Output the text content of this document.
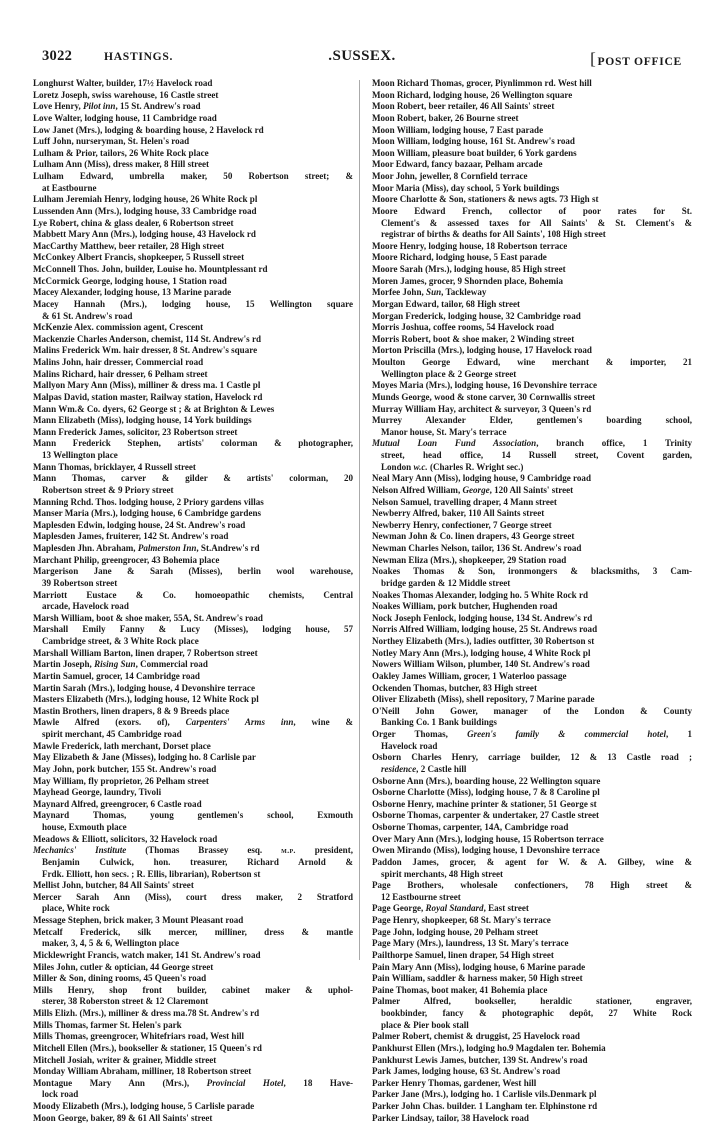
3022	HASTINGS.	.SUSSEX.	[POST OFFICE

Longhurst Walter, builder, 17½ Havelock road

Loretz Joseph, swiss warehouse, 16 Castle street

Love Henry, Pilot inn, 15 St. Andrew's road

Love Walter, lodging house, 11 Cambridge road

Low Janet (Mrs.), lodging & boarding house, 2 Havelock rd

Luff John, nurseryman, St. Helen's road

Lulham & Prior, tailors, 26 White Rock place

Lulham Ann (Miss), dress maker, 8 Hill street

Lulham Edward, umbrella maker, 50 Robertson street; &
at Eastbourne

Lulham Jeremiah Henry, lodging house, 26 White Rock pl

Lussenden Ann (Mrs.), lodging house, 33 Cambridge road

Lye Robert, china & glass dealer, 6 Robertson street

Mabbett Mary Ann (Mrs.), lodging house, 43 Havelock rd

MacCarthy Matthew, beer retailer, 28 High street

McConkey Albert Francis, shopkeeper, 5 Russell street

McConnell Thos. John, builder, Louise ho. Mountplessant rd

McCormick George, lodging house, 1 Station road

Macey Alexander, lodging house, 13 Marine parade

Macey Hannah (Mrs.), lodging house, 15 Wellington square
& 61 St. Andrew's road

McKenzie Alex. commission agent, Crescent

Mackenzie Charles Anderson, chemist, 114 St. Andrew's rd

Malins Frederick Wm. hair dresser, 8 St. Andrew's square

Malins John, hair dresser, Commercial road

Malins Richard, hair dresser, 6 Pelham street

Mallyon Mary Ann (Miss), milliner & dress ma. 1 Castle pl

Malpas David, station master, Railway station, Havelock rd

Mann Wm.& Co. dyers, 62 George st ; & at Brighton & Lewes

Mann Elizabeth (Miss), lodging house, 14 York buildings

Mann Frederick James, solicitor, 23 Robertson street

Mann Frederick Stephen, artists' colorman & photographer,
13 Wellington place

Mann Thomas, bricklayer, 4 Russell street

Mann Thomas, carver & gilder & artists' colorman, 20
Robertson street & 9 Priory street

Manning Rchd. Thos. lodging house, 2 Priory gardens villas

Manser Maria (Mrs.), lodging house, 6 Cambridge gardens

Maplesden Edwin, lodging house, 24 St. Andrew's road

Maplesden James, fruiterer, 142 St. Andrew's road

Maplesden Jhn. Abraham, Palmerston Inn, St.Andrew's rd

Marchant Philip, greengrocer, 43 Bohemia place

Margerison Jane & Sarah (Misses), berlin wool warehouse,
39 Robertson street

Marriott Eustace & Co. homoeopathic chemists, Central
arcade, Havelock road

Marsh William, boot & shoe maker, 55A, St. Andrew's road

Marshall Emily Fanny & Lucy (Misses), lodging house, 57
Cambridge street, & 3 White Rock place

Marshall William Barton, linen draper, 7 Robertson street

Martin Joseph, Rising Sun, Commercial road

Martin Samuel, grocer, 14 Cambridge road

Martin Sarah (Mrs.), lodging house, 4 Devonshire terrace

Masters Elizabeth (Mrs.), lodging house, 12 White Rock pl

Mastin Brothers, linen drapers, 8 & 9 Breeds place

Mawle Alfred (exors. of), Carpenters' Arms inn, wine &
spirit merchant, 45 Cambridge road

Mawle Frederick, lath merchant, Dorset place

May Elizabeth & Jane (Misses), lodging ho. 8 Carlisle par

May John, pork butcher, 155 St. Andrew's road

May William, fly proprietor, 26 Pelham street

Mayhead George, laundry, Tivoli

Maynard Alfred, greengrocer, 6 Castle road

Maynard Thomas, young gentlemen's school, Exmouth
house, Exmouth place

Meadows & Elliott, solicitors, 32 Havelock road

Mechanics' Institute (Thomas Brassey esq. m.p. president,
Benjamin Culwick, hon. treasurer, Richard Arnold &
Frdk. Elliott, hon secs. ; R. Ellis, librarian), Robertson st

Mellist John, butcher, 84 All Saints' street

Mercer Sarah Ann (Miss), court dress maker, 2 Stratford
place, White rock

Message Stephen, brick maker, 3 Mount Pleasant road

Metcalf Frederick, silk mercer, milliner, dress & mantle
maker, 3, 4, 5 & 6, Wellington place

Micklewright Francis, watch maker, 141 St. Andrew's road

Miles John, cutler & optician, 44 George street

Miller & Son, dining rooms, 45 Queen's road

Mills Henry, shop front builder, cabinet maker & uphol-
sterer, 38 Roberston street & 12 Claremont

Mills Elizh. (Mrs.), milliner & dress ma.78 St. Andrew's rd

Mills Thomas, farmer St. Helen's park

Mills Thomas, greengrocer, Whitefriars road, West hill

Mitchell Ellen (Mrs.), bookseller & stationer, 15 Queen's rd

Mitchell Josiah, writer & grainer, Middle street

Monday William Abraham, milliner, 18 Robertson street

Montague Mary Ann (Mrs.), Provincial Hotel, 18 Have-
lock road

Moody Elizabeth (Mrs.), lodging house, 5 Carlisle parade

Moon George, baker, 89 & 61 All Saints' street

Moon Richard Thomas, grocer, Piynlimmon rd. West hill

Moon Richard, lodging house, 26 Wellington square

Moon Robert, beer retailer, 46 All Saints' street

Moon Robert, baker, 26 Bourne street

Moon William, lodging house, 7 East parade

Moon William, lodging house, 161 St. Andrew's road

Moon William, pleasure boat builder, 6 York gardens

Moor Edward, fancy bazaar, Pelham arcade

Moor John, jeweller, 8 Cornfield terrace

Moor Maria (Miss), day school, 5 York buildings

Moore Charlotte & Son, stationers & news agts. 73 High st

Moore Edward French, collector of poor rates for St.
Clement's & assessed taxes for All Saints' & St. Clement's &
registrar of births & deaths for All Saints', 108 High street

Moore Henry, lodging house, 18 Robertson terrace

Moore Richard, lodging house, 5 East parade

Moore Sarah (Mrs.), lodging house, 85 High street

Moren James, grocer, 9 Shornden place, Bohemia

Morfee John, Sun, Tackleway

Morgan Edward, tailor, 68 High street

Morgan Frederick, lodging house, 32 Cambridge road

Morris Joshua, coffee rooms, 54 Havelock road

Morris Robert, boot & shoe maker, 2 Winding street

Morton Priscilla (Mrs.), lodging house, 17 Havelock road

Moulton George Edward, wine merchant & importer, 21
Wellington place & 2 George street

Moyes Maria (Mrs.), lodging house, 16 Devonshire terrace

Munds George, wood & stone carver, 30 Cornwallis street

Murray William Hay, architect & surveyor, 3 Queen's rd

Murrey Alexander Elder, gentlemen's boarding school,
Manor house, St. Mary's terrace

Mutual Loan Fund Association, branch office, 1 Trinity
street, head office, 14 Russell street, Covent garden,
London w.c. (Charles R. Wright sec.)

Neal Mary Ann (Miss), lodging house, 9 Cambridge road

Nelson Alfred William, George, 120 All Saints' street

Nelson Samuel, travelling draper, 4 Mann street

Newberry Alfred, baker, 110 All Saints street

Newberry Henry, confectioner, 7 George street

Newman John & Co. linen drapers, 43 George street

Newman Charles Nelson, tailor, 136 St. Andrew's road

Newman Eliza (Mrs.), shopkeeper, 29 Station road

Noakes Thomas & Son, ironmongers & blacksmiths, 3 Cam-
bridge garden & 12 Middle street

Noakes Thomas Alexander, lodging ho. 5 White Rock rd

Noakes William, pork butcher, Hughenden road

Nock Joseph Fenlock, lodging house, 134 St. Andrew's rd

Norris Alfred William, lodging house, 25 St. Andrews road

Northey Elizabeth (Mrs.), ladies outfitter, 30 Robertson st

Notley Mary Ann (Mrs.), lodging house, 4 White Rock pl

Nowers William Wilson, plumber, 140 St. Andrew's road

Oakley James William, grocer, 1 Waterloo passage

Ockenden Thomas, butcher, 83 High street

Oliver Elizabeth (Miss), shell repository, 7 Marine parade

O'Neill John Gower, manager of the London & County
Banking Co. 1 Bank buildings

Orger Thomas, Green's family & commercial hotel, 1
Havelock road

Osborn Charles Henry, carriage builder, 12 & 13 Castle road ;
residence, 2 Castle hill

Osborne Ann (Mrs.), boarding house, 22 Wellington square

Osborne Charlotte (Miss), lodging house, 7 & 8 Caroline pl

Osborne Henry, machine printer & stationer, 51 George st

Osborne Thomas, carpenter & undertaker, 27 Castle street

Osborne Thomas, carpenter, 14A, Cambridge road

Over Mary Ann (Mrs.), lodging house, 15 Robertson terrace

Owen Mirando (Miss), lodging house, 1 Devonshire terrace

Paddon James, grocer, & agent for W. & A. Gilbey, wine &
spirit merchants, 48 High street

Page Brothers, wholesale confectioners, 78 High street &
12 Eastbourne street

Page George, Royal Standard, East street

Page Henry, shopkeeper, 68 St. Mary's terrace

Page John, lodging house, 20 Pelham street

Page Mary (Mrs.), laundress, 13 St. Mary's terrace

Pailthorpe Samuel, linen draper, 54 High street

Pain Mary Ann (Miss), lodging house, 6 Marine parade

Pain William, saddler & harness maker, 50 High street

Paine Thomas, boot maker, 41 Bohemia place

Palmer Alfred, bookseller, heraldic stationer, engraver,
bookbinder, fancy & photographic depôt, 27 White Rock
place & Pier book stall

Palmer Robert, chemist & druggist, 25 Havelock road

Pankhurst Ellen (Mrs.), lodging ho.9 Magdalen ter. Bohemia

Pankhurst Lewis James, butcher, 139 St. Andrew's road

Park James, lodging house, 63 St. Andrew's road

Parker Henry Thomas, gardener, West hill

Parker Jane (Mrs.), lodging ho. 1 Carlisle vils.Denmark pl

Parker John Chas. builder. 1 Langham ter. Elphinstone rd

Parker Lindsay, tailor, 38 Havelock road
